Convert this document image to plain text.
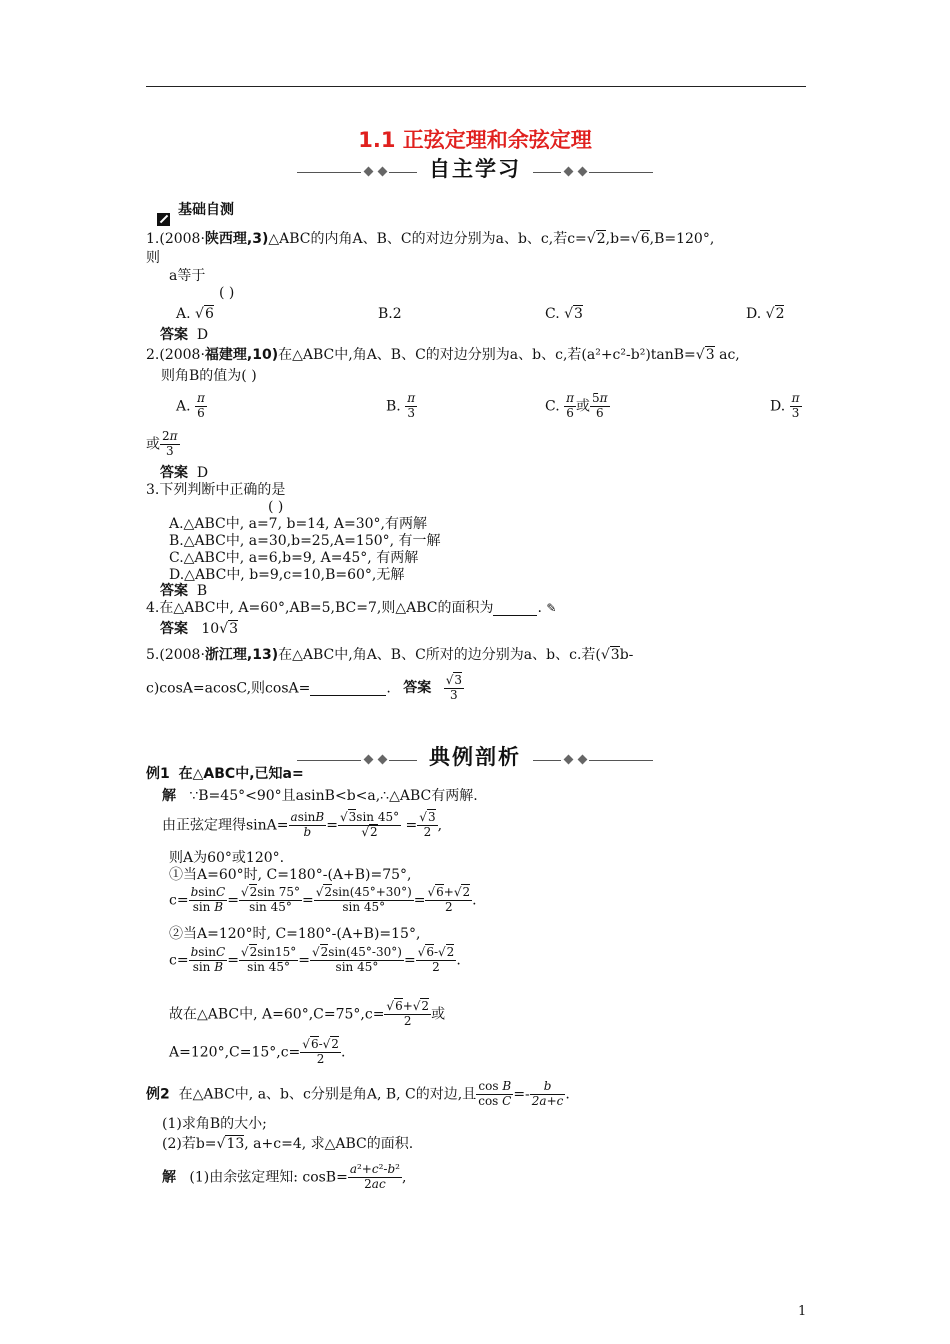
1.1 正弦定理和余弦定理
自主学习
基础自测
1.(2008·陕西理,3)△ABC的内角A、B、C的对边分别为a、b、c,若c=√2,b=√6,B=120°,
则
a等于
( )
A. √6	B.2	C. √3	D. √2
答案 D
2.(2008·福建理,10)在△ABC中,角A、B、C的对边分别为a、b、c,若(a²+c²-b²)tanB=√3 ac,
则角B的值为( )
A. $\frac{\pi}{6}$	B. $\frac{\pi}{3}$	C. $\frac{\pi}{6}$ 或 $\frac{5\pi}{6}$	D. $\frac{\pi}{3}$
或 $\frac{2\pi}{3}$
答案 D
3.下列判断中正确的是
( )
A.△ABC中, a=7, b=14, A=30°,有两解
B.△ABC中, a=30,b=25,A=150°, 有一解
C.△ABC中, a=6,b=9, A=45°, 有两解
D.△ABC中, b=9,c=10,B=60°,无解
答案 B
4.在△ABC中, A=60°,AB=5,BC=7,则△ABC的面积为	. ✎
答案 10√3
5.(2008·浙江理,13)在△ABC中,角A、B、C所对的边分别为a、b、c.若(√3b-
c)cosA=acosC,则cosA=	. 答案 $\frac{√3}{3}$
典例剖析
例1 在△ABC中,已知a=
解 ∵B=45°<90°且asinB<b<a,∴△ABC有两解.
由正弦定理得$\sin A= \frac{asinB}{b} = \frac{√3\sin 45^\circ}{√2} = \frac{√3}{2}$ ,
则A为60°或120°.
①当A=60°时, C=180°-(A+B)=75°,
$c= \frac{bsinC}{\text{sin B}} = \frac{√2\sin 75^\circ}{\sin 45^\circ} = \frac{√2\sin(45^\circ+30^\circ)}{\sin 45^\circ} = \frac{√6+√2}{2}$ .
②当A=120°时, C=180°-(A+B)=15°,
$c= \frac{bsinC}{\text{sin B}} = \frac{√2\sin 15^\circ}{\sin 45^\circ} = \frac{√2\sin(45^\circ-30^\circ)}{\sin 45^\circ} = \frac{√6-√2}{2}$ .
故在△ABC中, $A=60^\circ,C=75^\circ,c= \frac{√6+√2}{2}$ 或
$A=120^\circ,C=15^\circ,c= \frac{√6-√2}{2}$ .
例2 在△ABC中, a、b、c分别是角A, B, C的对边,且 $\frac{\text{cos B}}{\text{cos C}} =- \frac{b}{2a+c}$ .
(1)求角B的大小;
(2)若b=√13, a+c=4, 求△ABC的面积.
解 (1)由余弦定理知: $\cos B= \frac{\text{a²+c²-b²}}{2ac}$ ,
1
